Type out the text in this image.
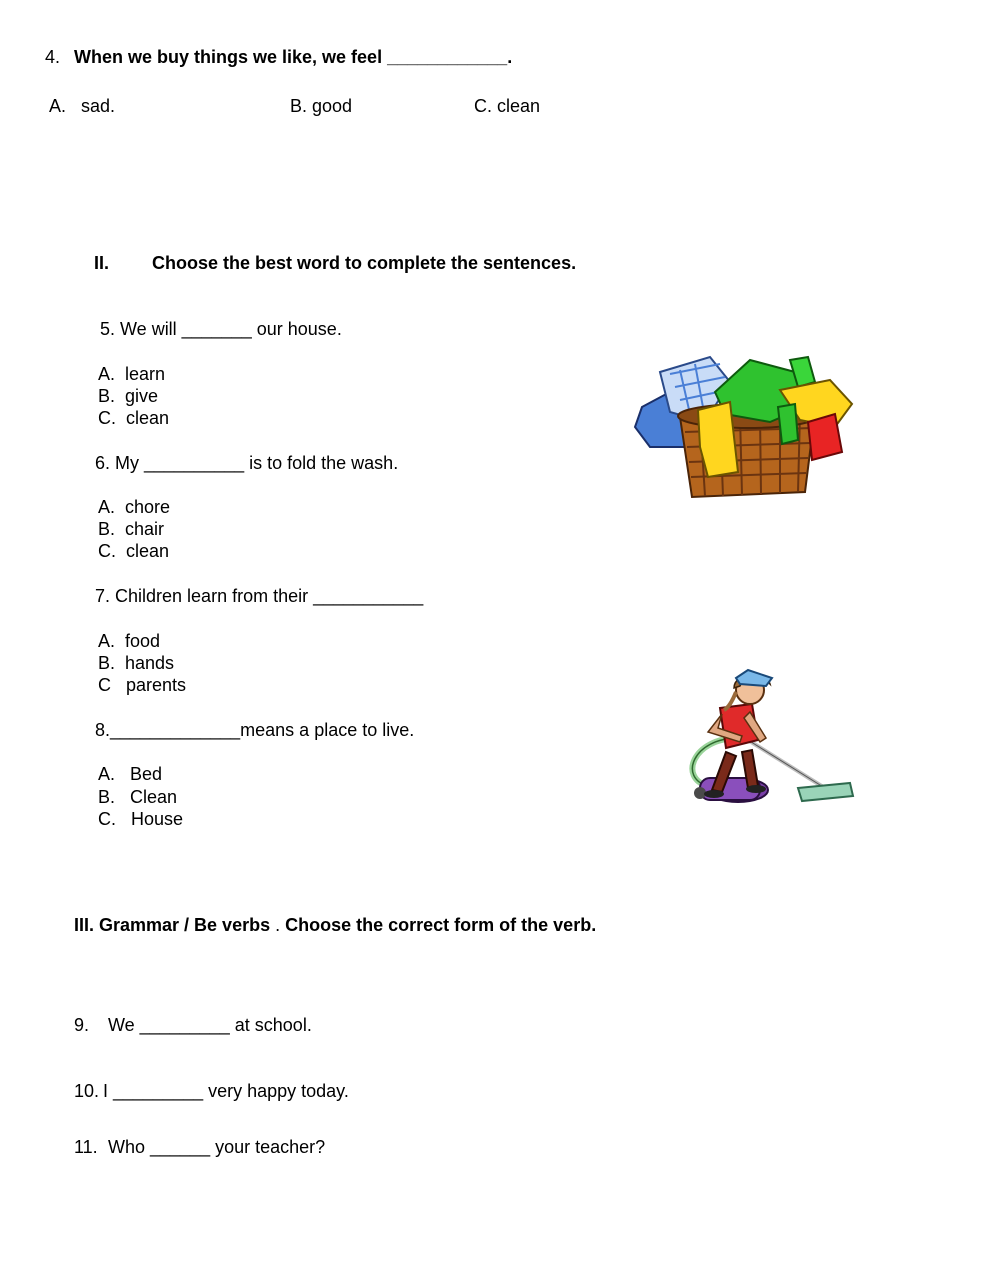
4. When we buy things we like, we feel ____________.
A.   sad.	B. good	C. clean
II. Choose the best word to complete the sentences.
5. We will _______ our house.
A.  learn
B.  give
C.  clean
6. My __________ is to fold the wash.
A.  chore
B.  chair
C.  clean
7. Children learn from their ___________
A.  food
B.  hands
C   parents
8._____________means a place to live.
A.   Bed
B.   Clean
C.   House
III. Grammar / Be verbs . Choose the correct form of the verb.
9. We _________ at school.
10. I _________ very happy today.
11. Who ______ your teacher?
